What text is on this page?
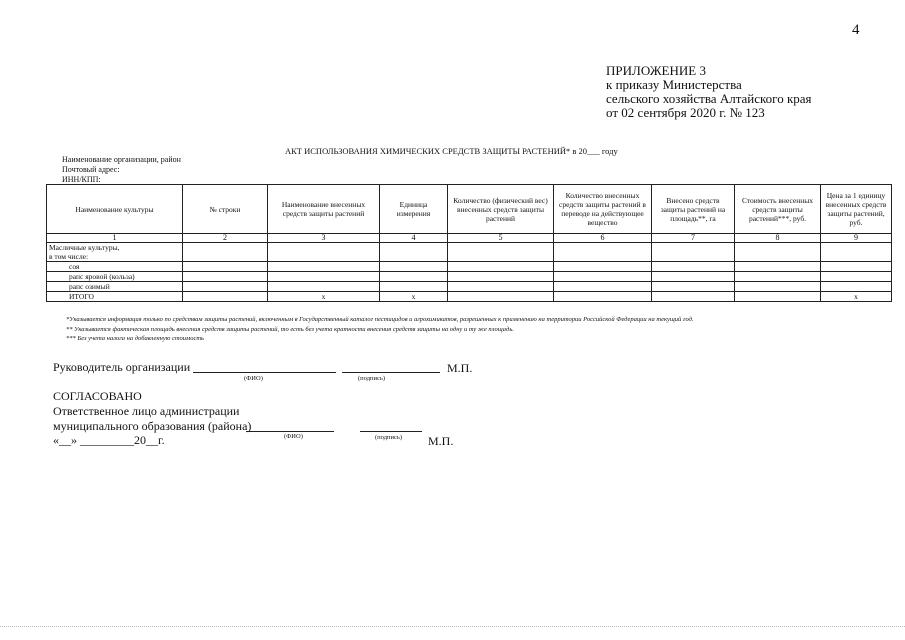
4
ПРИЛОЖЕНИЕ 3
к приказу Министерства
сельского хозяйства Алтайского края
от 02 сентября 2020 г. № 123
АКТ ИСПОЛЬЗОВАНИЯ ХИМИЧЕСКИХ СРЕДСТВ ЗАЩИТЫ РАСТЕНИЙ* в 20___ году
Наименование организации, район
Почтовый адрес:
ИНН/КПП:
Наименование культуры	№ строки	Наименование внесенных средств защиты растений	Единица измерения	Количество (физический вес) внесенных средств защиты растений	Количество внесенных средств защиты растений в переводе на действующее вещество	Внесено средств защиты растений на площадь**, га	Стоимость внесенных средств защиты растений***, руб.	Цена за 1 единицу внесенных средств защиты растений, руб.
1	2	3	4	5	6	7	8	9
Масличные культуры,
в том числе:								
соя								
рапс яровой (кольза)								
рапс озимый								
ИТОГО		х	х					х
*Указывается информация только по средствам защиты растений, включенным в Государственный каталог пестицидов и агрохимикатов, разрешенных к применению на территории Российской Федерации на текущий год.
** Указывается фактическая площадь внесения средств защиты растений, то есть без учета кратности внесения средств защиты на одну и ту же площадь.
*** Без учета налога на добавленную стоимость
Руководитель организации	М.П.
(ФИО)	(подпись)
СОГЛАСОВАНО
Ответственное лицо администрации
муниципального образования (района)
(ФИО)	(подпись) М.П.
«__» _________20__г.
